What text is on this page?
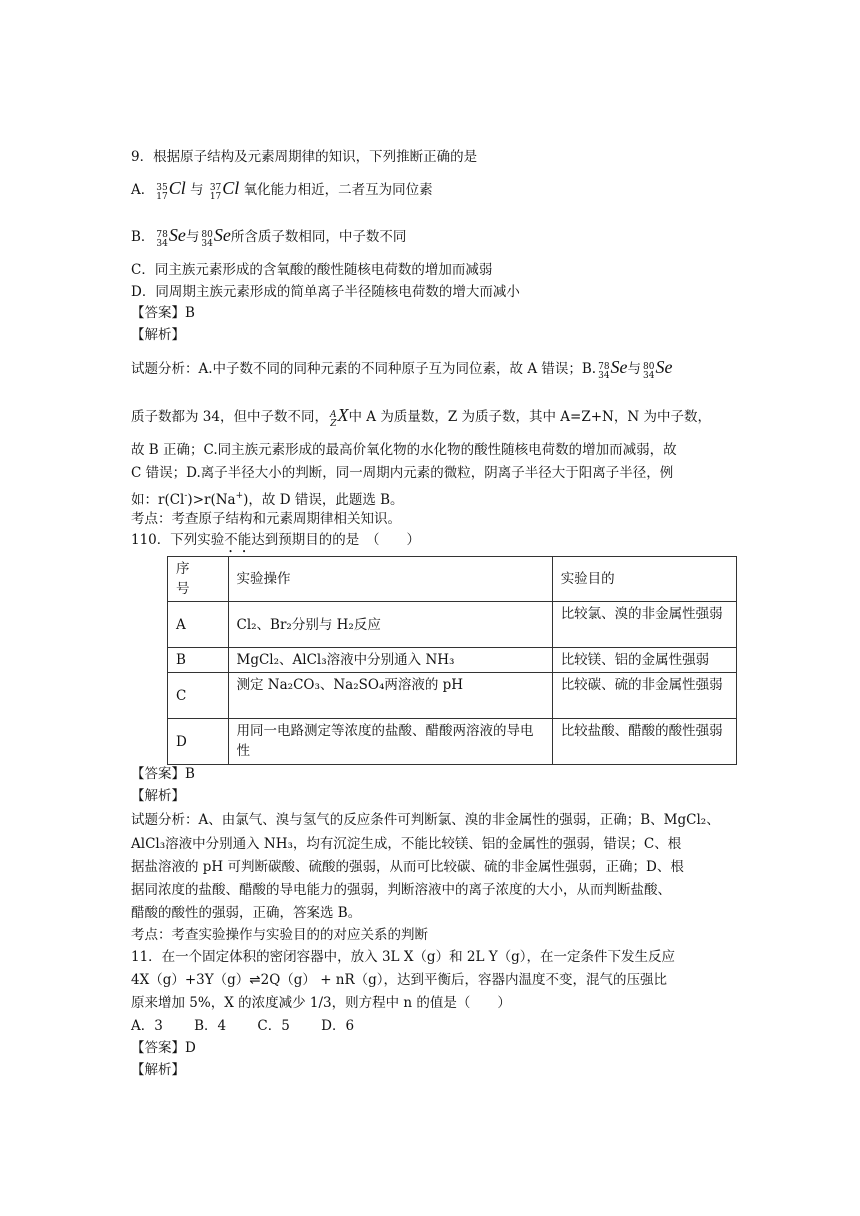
9．根据原子结构及元素周期律的知识，下列推断正确的是
A． 35
17 Cl 与 37
17 Cl 氧化能力相近，二者互为同位素
B． 78
34 Se与 80
34 Se所含质子数相同，中子数不同
C．同主族元素形成的含氧酸的酸性随核电荷数的增加而减弱
D．同周期主族元素形成的简单离子半径随核电荷数的增大而减小
【答案】B
【解析】
试题分析：A.中子数不同的同种元素的不同种原子互为同位素，故 A 错误；B. 78
34 Se与 80
34 Se
质子数都为 34，但中子数不同， A
Z X中 A 为质量数，Z 为质子数，其中 A=Z+N，N 为中子数，
故 B 正确；C.同主族元素形成的最高价氧化物的水化物的酸性随核电荷数的增加而减弱，故
C 错误；D.离子半径大小的判断，同一周期内元素的微粒，阴离子半径大于阳离子半径，例
如：r(Cl-)>r(Na+)，故 D 错误，此题选 B。
考点：考查原子结构和元素周期律相关知识。
110．下列实验不能达到预期目的的是　（　　）
序号	实验操作	实验目的
A	Cl₂、Br₂分别与 H₂反应	比较氯、溴的非金属性强弱
B	MgCl₂、AlCl₃溶液中分别通入 NH₃	比较镁、铝的金属性强弱
C	测定 Na₂CO₃、Na₂SO₄两溶液的 pH	比较碳、硫的非金属性强弱
D	用同一电路测定等浓度的盐酸、醋酸两溶液的导电性	比较盐酸、醋酸的酸性强弱
【答案】B
【解析】
试题分析：A、由氯气、溴与氢气的反应条件可判断氯、溴的非金属性的强弱，正确；B、MgCl₂、
AlCl₃溶液中分别通入 NH₃，均有沉淀生成，不能比较镁、铝的金属性的强弱，错误；C、根
据盐溶液的 pH 可判断碳酸、硫酸的强弱，从而可比较碳、硫的非金属性强弱，正确；D、根
据同浓度的盐酸、醋酸的导电能力的强弱，判断溶液中的离子浓度的大小，从而判断盐酸、
醋酸的酸性的强弱，正确，答案选 B。
考点：考查实验操作与实验目的的对应关系的判断
11．在一个固定体积的密闭容器中，放入 3L X（g）和 2L Y（g），在一定条件下发生反应
4X（g）+3Y（g）⇌2Q（g） + nR（g），达到平衡后，容器内温度不变，混气的压强比
原来增加 5%，X 的浓度减少 1/3，则方程中 n 的值是（　　）
A．3　　 B．4　　 C．5　　 D．6
【答案】D
【解析】
